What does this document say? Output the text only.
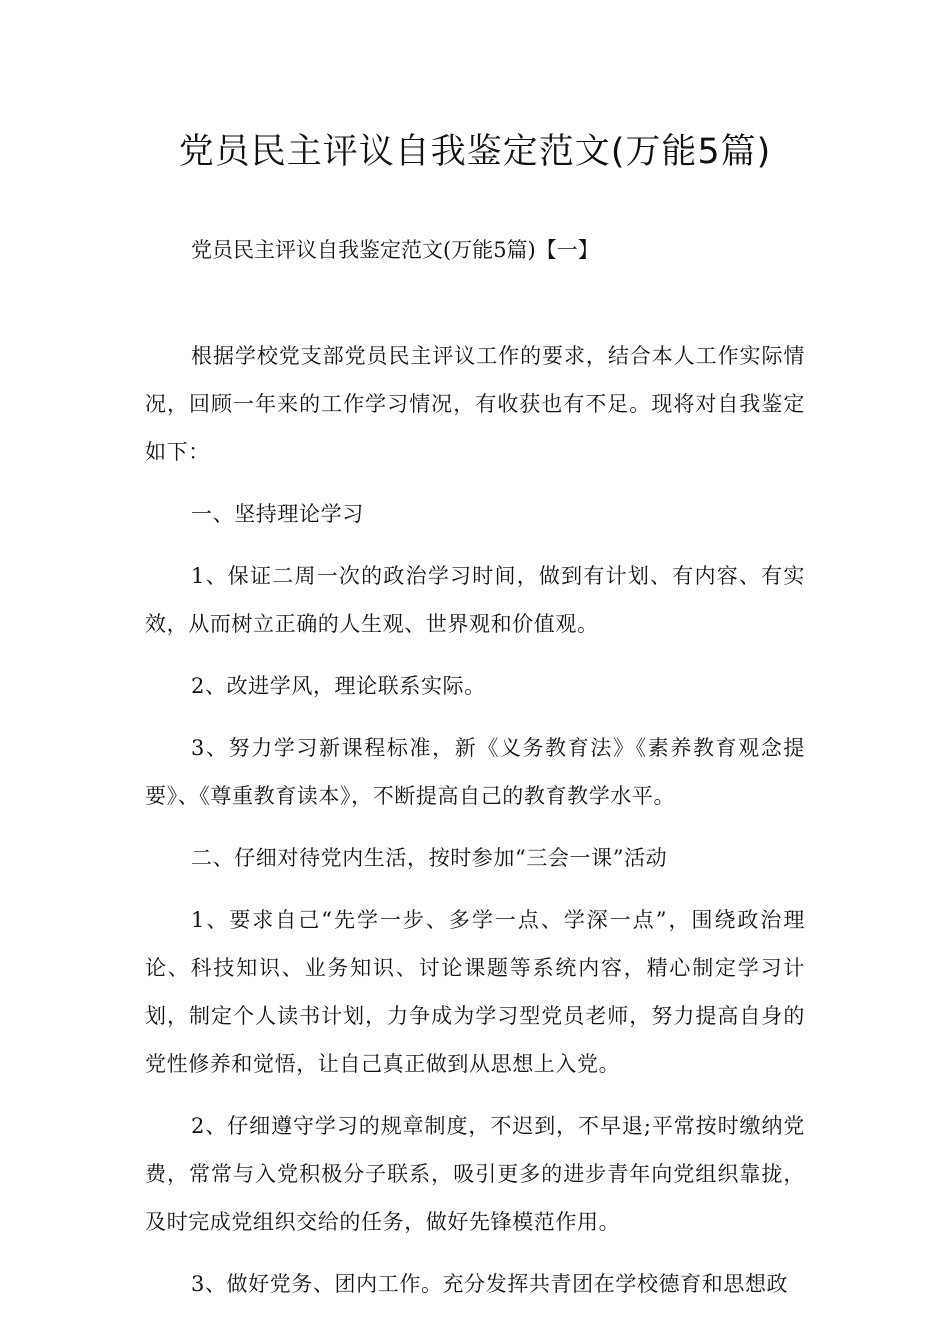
党员民主评议自我鉴定范文(万能5篇)
党员民主评议自我鉴定范文(万能5篇)【一】

根据学校党支部党员民主评议工作的要求，结合本人工作实际情况，回顾一年来的工作学习情况，有收获也有不足。现将对自我鉴定如下：

一、坚持理论学习

1、保证二周一次的政治学习时间，做到有计划、有内容、有实效，从而树立正确的人生观、世界观和价值观。

2、改进学风，理论联系实际。

3、努力学习新课程标准，新《义务教育法》《素养教育观念提要》、《尊重教育读本》，不断提高自己的教育教学水平。

二、仔细对待党内生活，按时参加“三会一课”活动

1、要求自己“先学一步、多学一点、学深一点”，围绕政治理论、科技知识、业务知识、讨论课题等系统内容，精心制定学习计划，制定个人读书计划，力争成为学习型党员老师，努力提高自身的党性修养和觉悟，让自己真正做到从思想上入党。

2、仔细遵守学习的规章制度，不迟到，不早退;平常按时缴纳党费，常常与入党积极分子联系，吸引更多的进步青年向党组织靠拢，及时完成党组织交给的任务，做好先锋模范作用。

3、做好党务、团内工作。充分发挥共青团在学校德育和思想政
